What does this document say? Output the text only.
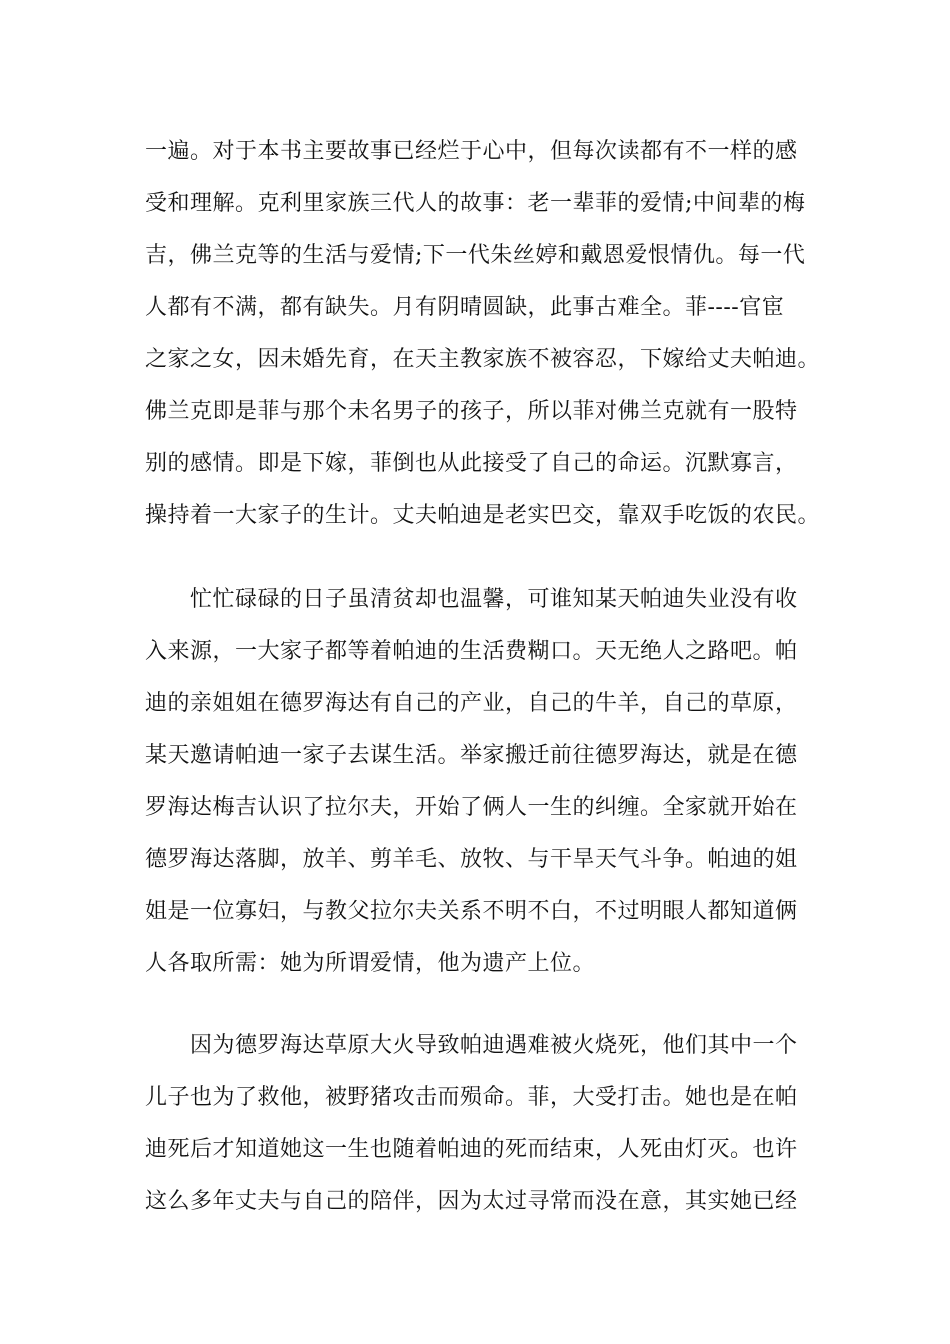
一遍。对于本书主要故事已经烂于心中，但每次读都有不一样的感
受和理解。克利里家族三代人的故事：老一辈菲的爱情;中间辈的梅
吉，佛兰克等的生活与爱情;下一代朱丝婷和戴恩爱恨情仇。每一代
人都有不满，都有缺失。月有阴晴圆缺，此事古难全。菲----官宦
之家之女，因未婚先育，在天主教家族不被容忍，下嫁给丈夫帕迪。
佛兰克即是菲与那个未名男子的孩子，所以菲对佛兰克就有一股特
别的感情。即是下嫁，菲倒也从此接受了自己的命运。沉默寡言，
操持着一大家子的生计。丈夫帕迪是老实巴交，靠双手吃饭的农民。
忙忙碌碌的日子虽清贫却也温馨，可谁知某天帕迪失业没有收
入来源，一大家子都等着帕迪的生活费糊口。天无绝人之路吧。帕
迪的亲姐姐在德罗海达有自己的产业，自己的牛羊，自己的草原，
某天邀请帕迪一家子去谋生活。举家搬迁前往德罗海达，就是在德
罗海达梅吉认识了拉尔夫，开始了俩人一生的纠缠。全家就开始在
德罗海达落脚，放羊、剪羊毛、放牧、与干旱天气斗争。帕迪的姐
姐是一位寡妇，与教父拉尔夫关系不明不白，不过明眼人都知道俩
人各取所需：她为所谓爱情，他为遗产上位。
因为德罗海达草原大火导致帕迪遇难被火烧死，他们其中一个
儿子也为了救他，被野猪攻击而殒命。菲，大受打击。她也是在帕
迪死后才知道她这一生也随着帕迪的死而结束，人死由灯灭。也许
这么多年丈夫与自己的陪伴，因为太过寻常而没在意，其实她已经
